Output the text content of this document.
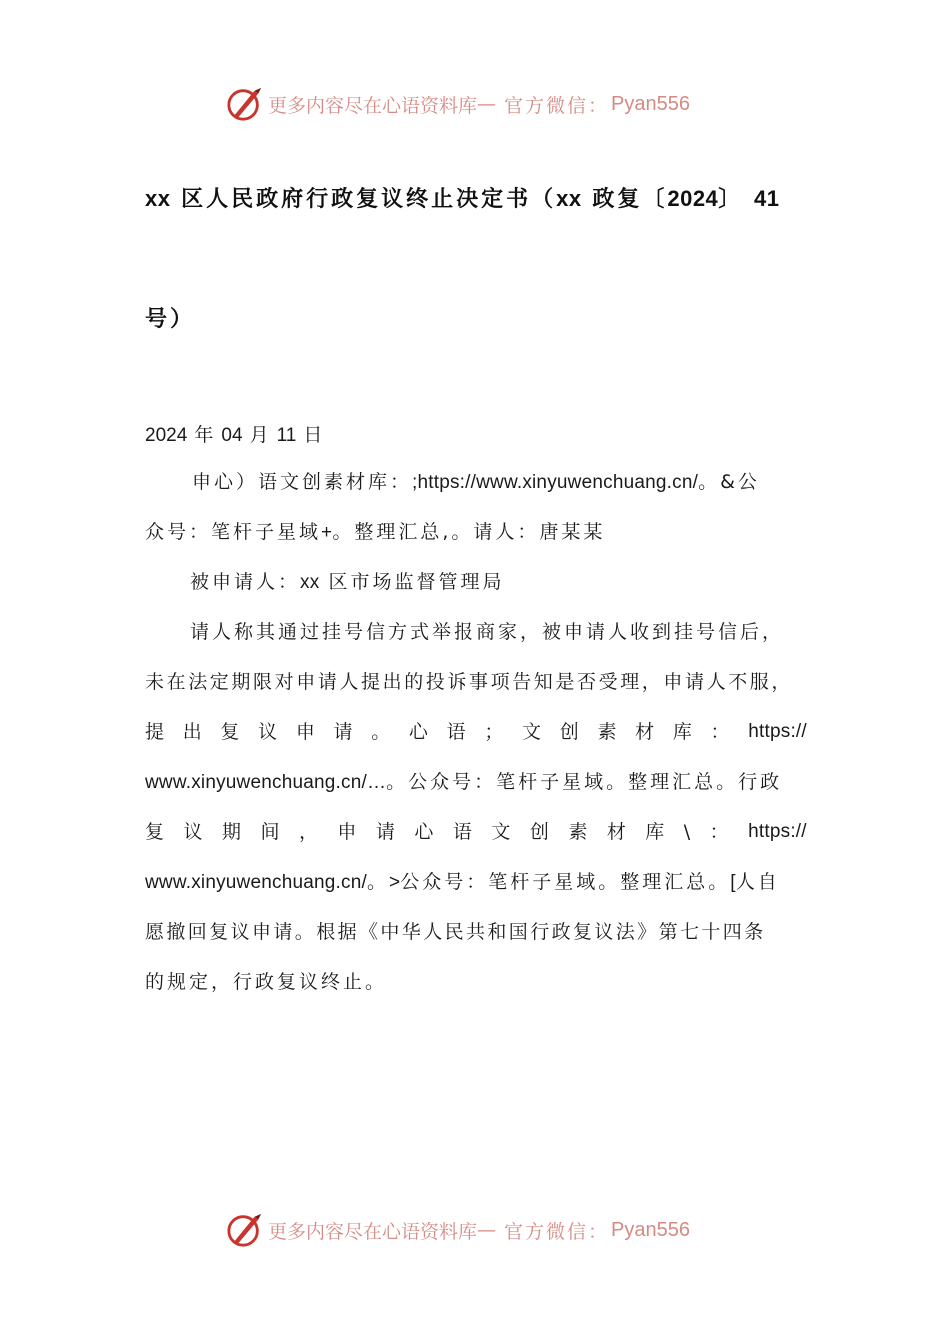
更多内容尽在心语资料库 — 官方微信： Pyan556
xx 区人民政府行政复议终止决定书（xx 政复〔2024〕 41
号）
2024 年 04 月 11 日
申心）语文创素材库：;https://www.xinyuwenchuang.cn/。&公
众号：笔杆子星域+。整理汇总,。请人：唐某某
被申请人：xx 区市场监督管理局
请人称其通过挂号信方式举报商家，被申请人收到挂号信后，
未在法定期限对申请人提出的投诉事项告知是否受理，申请人不服，
提 出 复 议 申 请 。 心 语 ； 文 创 素 材 库 ： https://
www.xinyuwenchuang.cn/…。公众号：笔杆子星域。整理汇总。行政
复 议 期 间 ， 申 请 心 语 文 创 素 材 库 \ ： https://
www.xinyuwenchuang.cn/。>公众号：笔杆子星域。整理汇总。[人自
愿撤回复议申请。根据《中华人民共和国行政复议法》第七十四条
的规定，行政复议终止。
更多内容尽在心语资料库 — 官方微信： Pyan556
